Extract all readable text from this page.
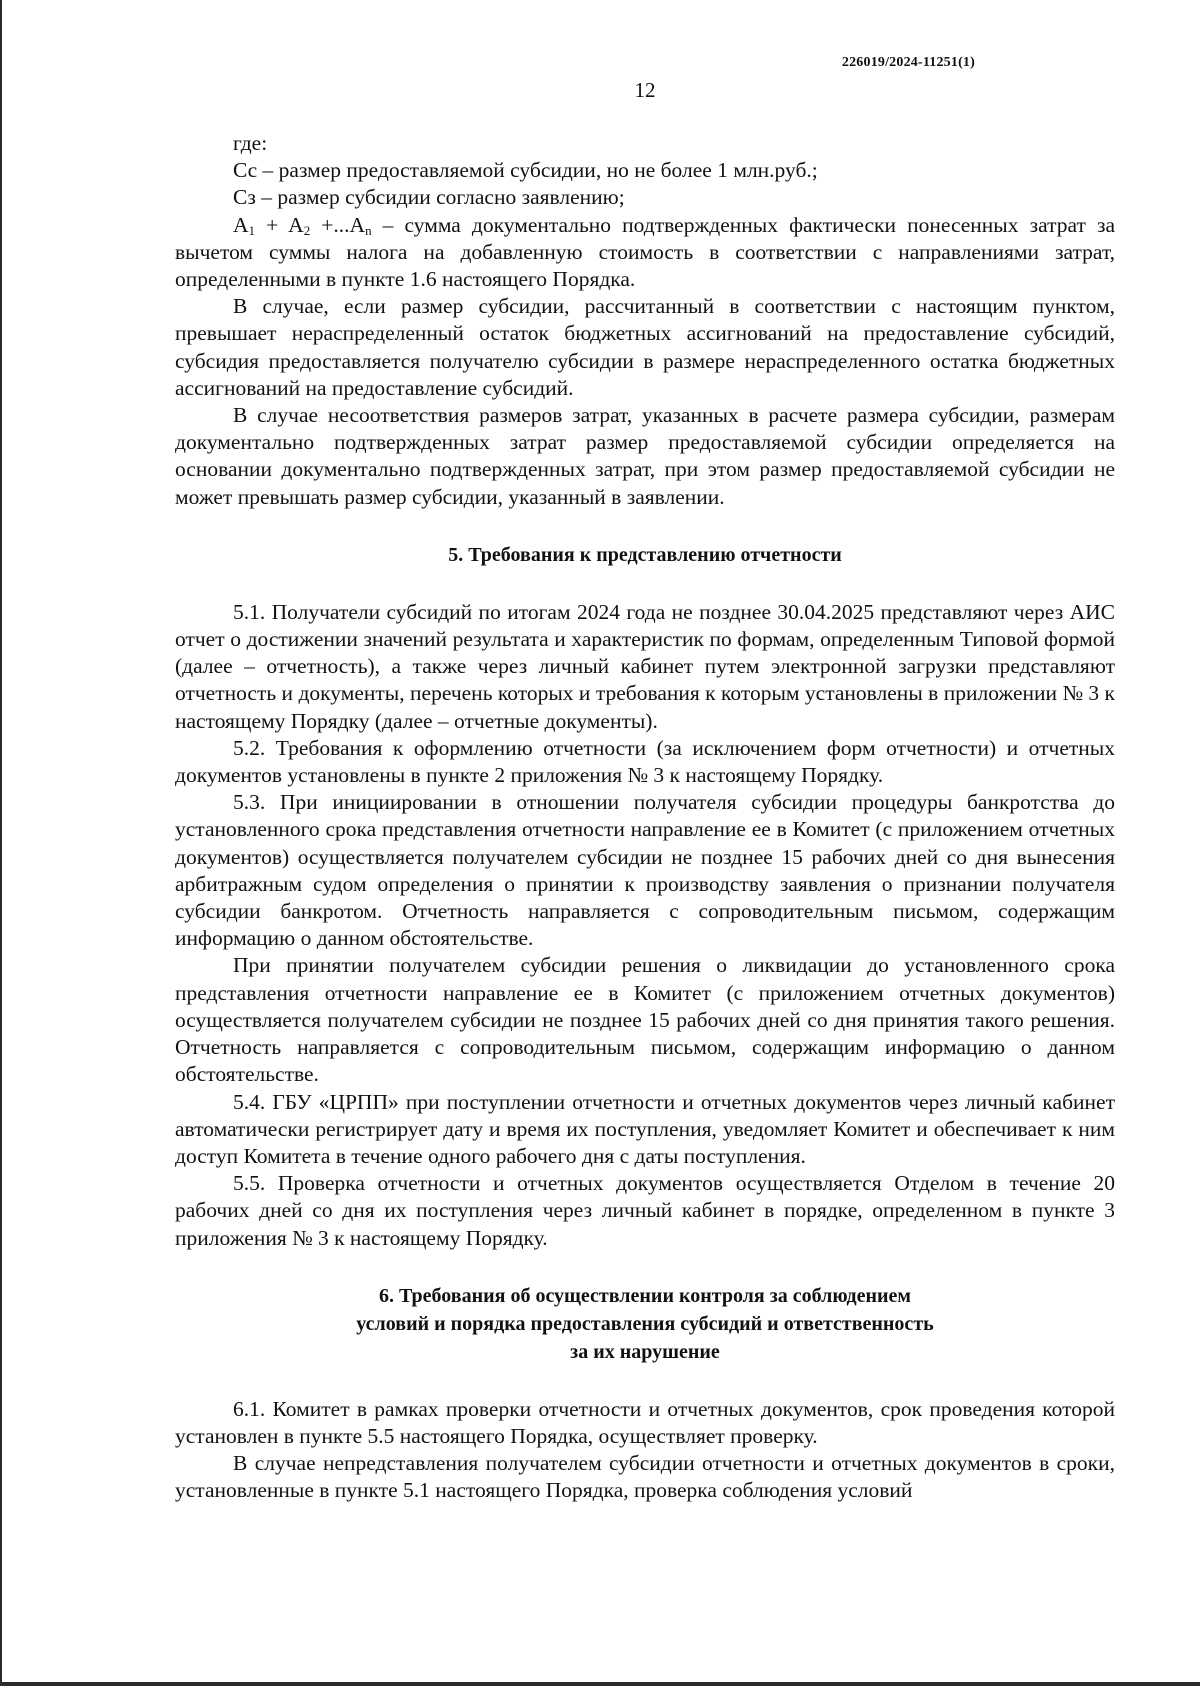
226019/2024-11251(1)
12

где:

Сс – размер предоставляемой субсидии, но не более 1 млн.руб.;

Сз – размер субсидии согласно заявлению;

$A_1 + A_2 +...A_n$ – сумма документально подтвержденных фактически понесенных затрат за вычетом суммы налога на добавленную стоимость в соответствии с направлениями затрат, определенными в пункте 1.6 настоящего Порядка.

В случае, если размер субсидии, рассчитанный в соответствии с настоящим пунктом, превышает нераспределенный остаток бюджетных ассигнований на предоставление субсидий, субсидия предоставляется получателю субсидии в размере нераспределенного остатка бюджетных ассигнований на предоставление субсидий.

В случае несоответствия размеров затрат, указанных в расчете размера субсидии, размерам документально подтвержденных затрат размер предоставляемой субсидии определяется на основании документально подтвержденных затрат, при этом размер предоставляемой субсидии не может превышать размер субсидии, указанный в заявлении.

5. Требования к представлению отчетности

5.1. Получатели субсидий по итогам 2024 года не позднее 30.04.2025 представляют через АИС отчет о достижении значений результата и характеристик по формам, определенным Типовой формой (далее – отчетность), а также через личный кабинет путем электронной загрузки представляют отчетность и документы, перечень которых и требования к которым установлены в приложении № 3 к настоящему Порядку (далее – отчетные документы).

5.2. Требования к оформлению отчетности (за исключением форм отчетности) и отчетных документов установлены в пункте 2 приложения № 3 к настоящему Порядку.

5.3. При инициировании в отношении получателя субсидии процедуры банкротства до установленного срока представления отчетности направление ее в Комитет (с приложением отчетных документов) осуществляется получателем субсидии не позднее 15 рабочих дней со дня вынесения арбитражным судом определения о принятии к производству заявления о признании получателя субсидии банкротом. Отчетность направляется с сопроводительным письмом, содержащим информацию о данном обстоятельстве.

При принятии получателем субсидии решения о ликвидации до установленного срока представления отчетности направление ее в Комитет (с приложением отчетных документов) осуществляется получателем субсидии не позднее 15 рабочих дней со дня принятия такого решения. Отчетность направляется с сопроводительным письмом, содержащим информацию о данном обстоятельстве.

5.4. ГБУ «ЦРПП» при поступлении отчетности и отчетных документов через личный кабинет автоматически регистрирует дату и время их поступления, уведомляет Комитет и обеспечивает к ним доступ Комитета в течение одного рабочего дня с даты поступления.

5.5. Проверка отчетности и отчетных документов осуществляется Отделом в течение 20 рабочих дней со дня их поступления через личный кабинет в порядке, определенном в пункте 3 приложения № 3 к настоящему Порядку.

6. Требования об осуществлении контроля за соблюдением
условий и порядка предоставления субсидий и ответственность
за их нарушение

6.1. Комитет в рамках проверки отчетности и отчетных документов, срок проведения которой установлен в пункте 5.5 настоящего Порядка, осуществляет проверку.

В случае непредставления получателем субсидии отчетности и отчетных документов в сроки, установленные в пункте 5.1 настоящего Порядка, проверка соблюдения условий
